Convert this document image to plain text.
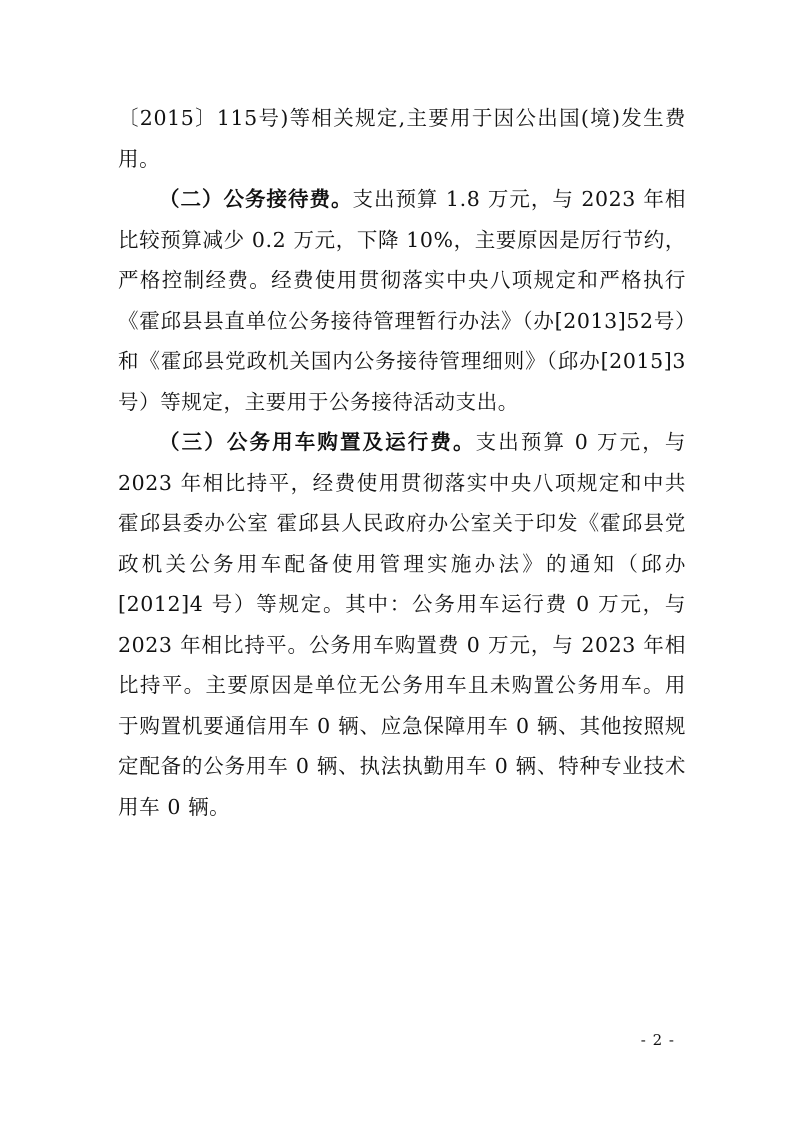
〔2015〕115号)等相关规定,主要用于因公出国(境)发生费用。

（二）公务接待费。支出预算 1.8 万元，与 2023 年相比较预算减少 0.2 万元，下降 10%，主要原因是厉行节约，严格控制经费。经费使用贯彻落实中央八项规定和严格执行《霍邱县县直单位公务接待管理暂行办法》（办[2013]52号）和《霍邱县党政机关国内公务接待管理细则》（邱办[2015]3 号）等规定，主要用于公务接待活动支出。

（三）公务用车购置及运行费。支出预算 0 万元，与 2023 年相比持平，经费使用贯彻落实中央八项规定和中共霍邱县委办公室 霍邱县人民政府办公室关于印发《霍邱县党政机关公务用车配备使用管理实施办法》的通知（邱办[2012]4 号）等规定。其中：公务用车运行费 0 万元，与 2023 年相比持平。公务用车购置费 0 万元，与 2023 年相比持平。主要原因是单位无公务用车且未购置公务用车。用于购置机要通信用车 0 辆、应急保障用车 0 辆、其他按照规定配备的公务用车 0 辆、执法执勤用车 0 辆、特种专业技术用车 0 辆。

- 2 -
